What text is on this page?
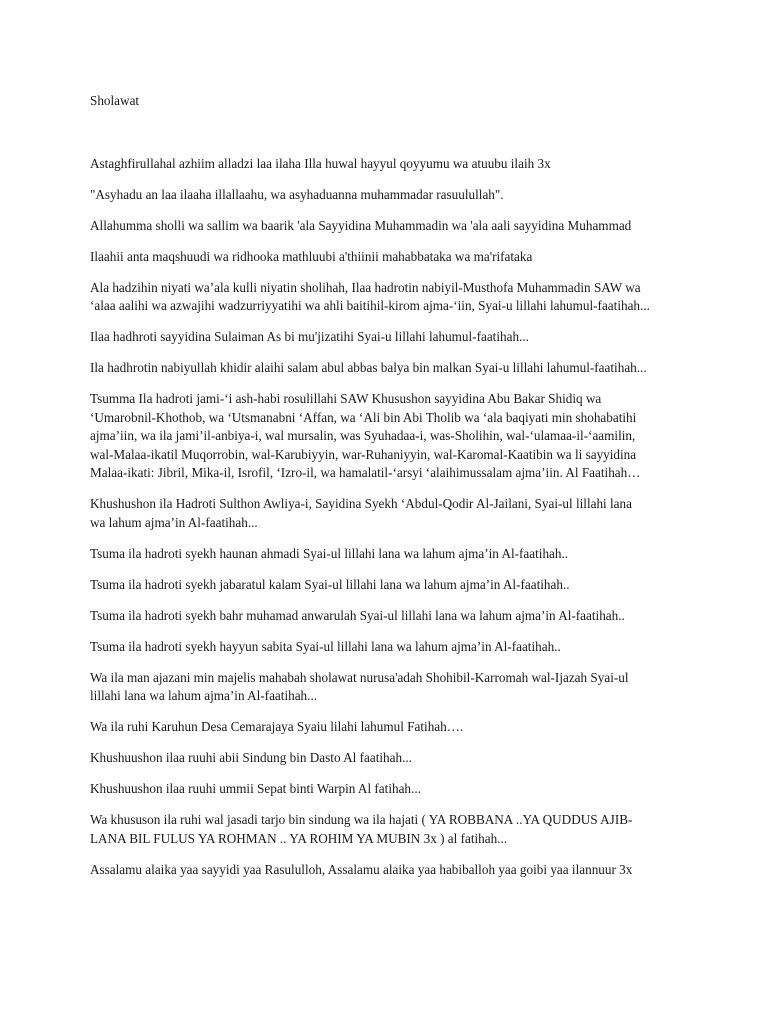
Sholawat
Astaghfirullahal azhiim alladzi laa ilaha Illa huwal hayyul qoyyumu wa atuubu ilaih 3x
"Asyhadu an laa ilaaha illallaahu, wa asyhaduanna muhammadar rasuulullah".
Allahumma sholli wa sallim wa baarik 'ala Sayyidina Muhammadin wa 'ala aali sayyidina Muhammad
Ilaahii anta maqshuudi wa ridhooka mathluubi a'thiinii mahabbataka wa ma'rifataka
Ala hadzihin niyati wa’ala kulli niyatin sholihah, Ilaa hadrotin nabiyil-Musthofa Muhammadin SAW wa
‘alaa aalihi wa azwajihi wadzurriyyatihi wa ahli baitihil-kirom ajma-‘iin, Syai-u lillahi lahumul-faatihah...
Ilaa hadhroti sayyidina Sulaiman As bi mu'jizatihi Syai-u lillahi lahumul-faatihah...
Ila hadhrotin nabiyullah khidir alaihi salam abul abbas balya bin malkan Syai-u lillahi lahumul-faatihah...
Tsumma Ila hadroti jami-‘i ash-habi rosulillahi SAW Khusushon sayyidina Abu Bakar Shidiq wa
‘Umarobnil-Khothob, wa ‘Utsmanabni ‘Affan, wa ‘Ali bin Abi Tholib wa ‘ala baqiyati min shohabatihi
ajma’iin, wa ila jami’il-anbiya-i, wal mursalin, was Syuhadaa-i, was-Sholihin, wal-‘ulamaa-il-‘aamilin,
wal-Malaa-ikatil Muqorrobin, wal-Karubiyyin, war-Ruhaniyyin, wal-Karomal-Kaatibin wa li sayyidina
Malaa-ikati: Jibril, Mika-il, Isrofil, ‘Izro-il, wa hamalatil-‘arsyi ‘alaihimussalam ajma’iin. Al Faatihah…
Khushushon ila Hadroti Sulthon Awliya-i, Sayidina Syekh ‘Abdul-Qodir Al-Jailani, Syai-ul lillahi lana
wa lahum ajma’in Al-faatihah...
Tsuma ila hadroti syekh haunan ahmadi Syai-ul lillahi lana wa lahum ajma’in Al-faatihah..
Tsuma ila hadroti syekh jabaratul kalam Syai-ul lillahi lana wa lahum ajma’in Al-faatihah..
Tsuma ila hadroti syekh bahr muhamad anwarulah Syai-ul lillahi lana wa lahum ajma’in Al-faatihah..
Tsuma ila hadroti syekh hayyun sabita Syai-ul lillahi lana wa lahum ajma’in Al-faatihah..
Wa ila man ajazani min majelis mahabah sholawat nurusa'adah Shohibil-Karromah wal-Ijazah Syai-ul
lillahi lana wa lahum ajma’in Al-faatihah...
Wa ila ruhi Karuhun Desa Cemarajaya Syaiu lilahi lahumul Fatihah….
Khushuushon ilaa ruuhi abii Sindung bin Dasto Al faatihah...
Khushuushon ilaa ruuhi ummii Sepat binti Warpin Al fatihah...
Wa khususon ila ruhi wal jasadi tarjo bin sindung wa ila hajati ( YA ROBBANA ..YA QUDDUS AJIB-
LANA BIL FULUS YA ROHMAN .. YA ROHIM YA MUBIN 3x ) al fatihah...
Assalamu alaika yaa sayyidi yaa Rasululloh, Assalamu alaika yaa habiballoh yaa goibi yaa ilannuur 3x
